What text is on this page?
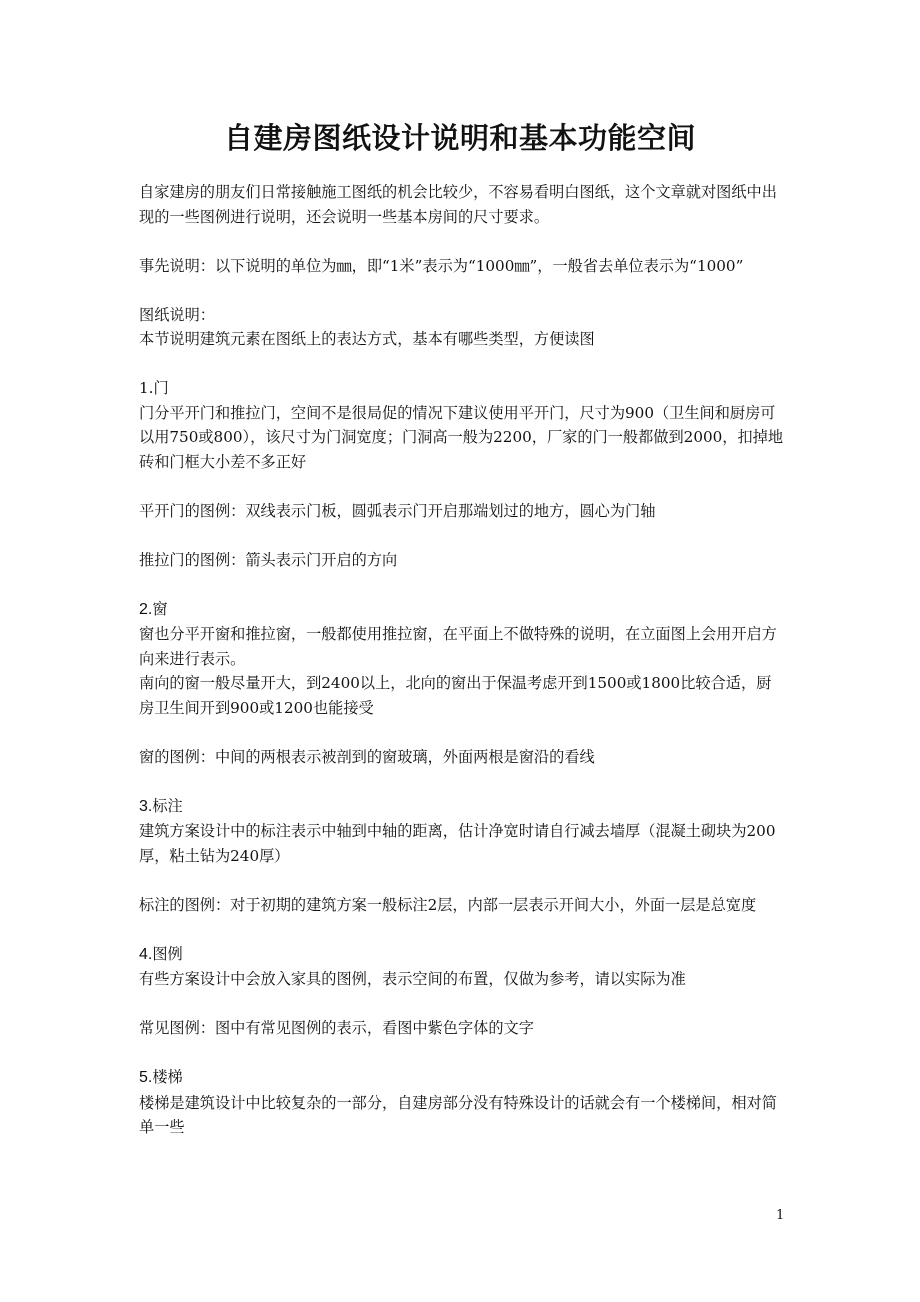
自建房图纸设计说明和基本功能空间

自家建房的朋友们日常接触施工图纸的机会比较少，不容易看明白图纸，这个文章就对图纸中出现的一些图例进行说明，还会说明一些基本房间的尺寸要求。

事先说明：以下说明的单位为㎜，即“1米”表示为“1000㎜”，一般省去单位表示为“1000”

图纸说明：

本节说明建筑元素在图纸上的表达方式，基本有哪些类型，方便读图

1.门

门分平开门和推拉门，空间不是很局促的情况下建议使用平开门，尺寸为900（卫生间和厨房可以用750或800），该尺寸为门洞宽度；门洞高一般为2200，厂家的门一般都做到2000，扣掉地砖和门框大小差不多正好

平开门的图例：双线表示门板，圆弧表示门开启那端划过的地方，圆心为门轴

推拉门的图例：箭头表示门开启的方向

2.窗

窗也分平开窗和推拉窗，一般都使用推拉窗，在平面上不做特殊的说明，在立面图上会用开启方向来进行表示。

南向的窗一般尽量开大，到2400以上，北向的窗出于保温考虑开到1500或1800比较合适，厨房卫生间开到900或1200也能接受

窗的图例：中间的两根表示被剖到的窗玻璃，外面两根是窗沿的看线

3.标注

建筑方案设计中的标注表示中轴到中轴的距离，估计净宽时请自行减去墙厚（混凝土砌块为200厚，粘土钻为240厚）

标注的图例：对于初期的建筑方案一般标注2层，内部一层表示开间大小，外面一层是总宽度

4.图例

有些方案设计中会放入家具的图例，表示空间的布置，仅做为参考，请以实际为准

常见图例：图中有常见图例的表示，看图中紫色字体的文字

5.楼梯

楼梯是建筑设计中比较复杂的一部分，自建房部分没有特殊设计的话就会有一个楼梯间，相对简单一些

1
